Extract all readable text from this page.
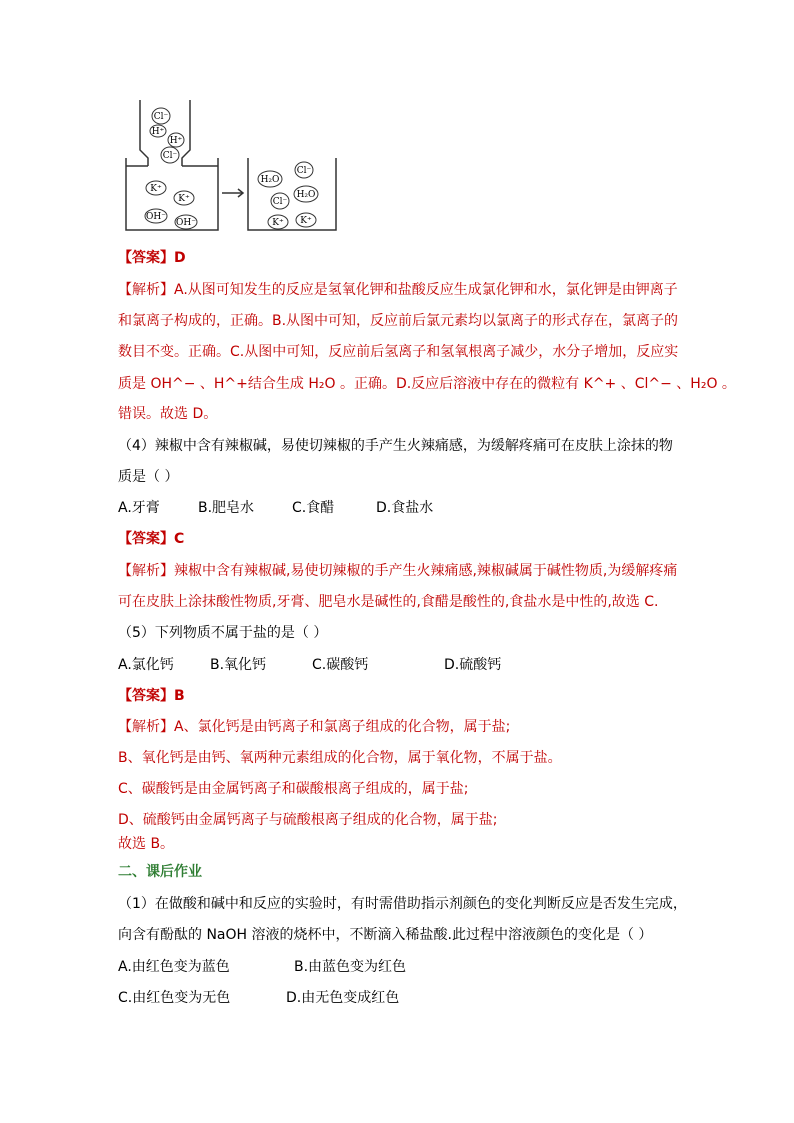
Cl⁻
H⁺
H⁺
Cl⁻
K⁺
K⁺
OH⁻
OH⁻
H₂O
Cl⁻
H₂O
Cl⁻
K⁺ K⁺
【答案】D
【解析】A.从图可知发生的反应是氢氧化钾和盐酸反应生成氯化钾和水，氯化钾是由钾离子
和氯离子构成的，正确。B.从图中可知，反应前后氯元素均以氯离子的形式存在，氯离子的
数目不变。正确。C.从图中可知，反应前后氢离子和氢氧根离子减少，水分子增加，反应实
质是 OH^− 、H^+结合生成 H₂O 。正确。D.反应后溶液中存在的微粒有 K^+ 、Cl^− 、H₂O 。
错误。故选 D。
（4）辣椒中含有辣椒碱，易使切辣椒的手产生火辣痛感，为缓解疼痛可在皮肤上涂抹的物
质是（ ）
A.牙膏	B.肥皂水	C.食醋	D.食盐水
【答案】C
【解析】辣椒中含有辣椒碱,易使切辣椒的手产生火辣痛感,辣椒碱属于碱性物质,为缓解疼痛
可在皮肤上涂抹酸性物质,牙膏、肥皂水是碱性的,食醋是酸性的,食盐水是中性的,故选 C.
（5）下列物质不属于盐的是（ ）
A.氯化钙	B.氧化钙	C.碳酸钙	D.硫酸钙
【答案】B
【解析】A、氯化钙是由钙离子和氯离子组成的化合物，属于盐;
B、氧化钙是由钙、氧两种元素组成的化合物，属于氧化物，不属于盐。
C、碳酸钙是由金属钙离子和碳酸根离子组成的，属于盐;
D、硫酸钙由金属钙离子与硫酸根离子组成的化合物，属于盐;
故选 B。
二、课后作业
（1）在做酸和碱中和反应的实验时，有时需借助指示剂颜色的变化判断反应是否发生完成，
向含有酚酞的 NaOH 溶液的烧杯中，不断滴入稀盐酸.此过程中溶液颜色的变化是（ ）
A.由红色变为蓝色	B.由蓝色变为红色
C.由红色变为无色	D.由无色变成红色
